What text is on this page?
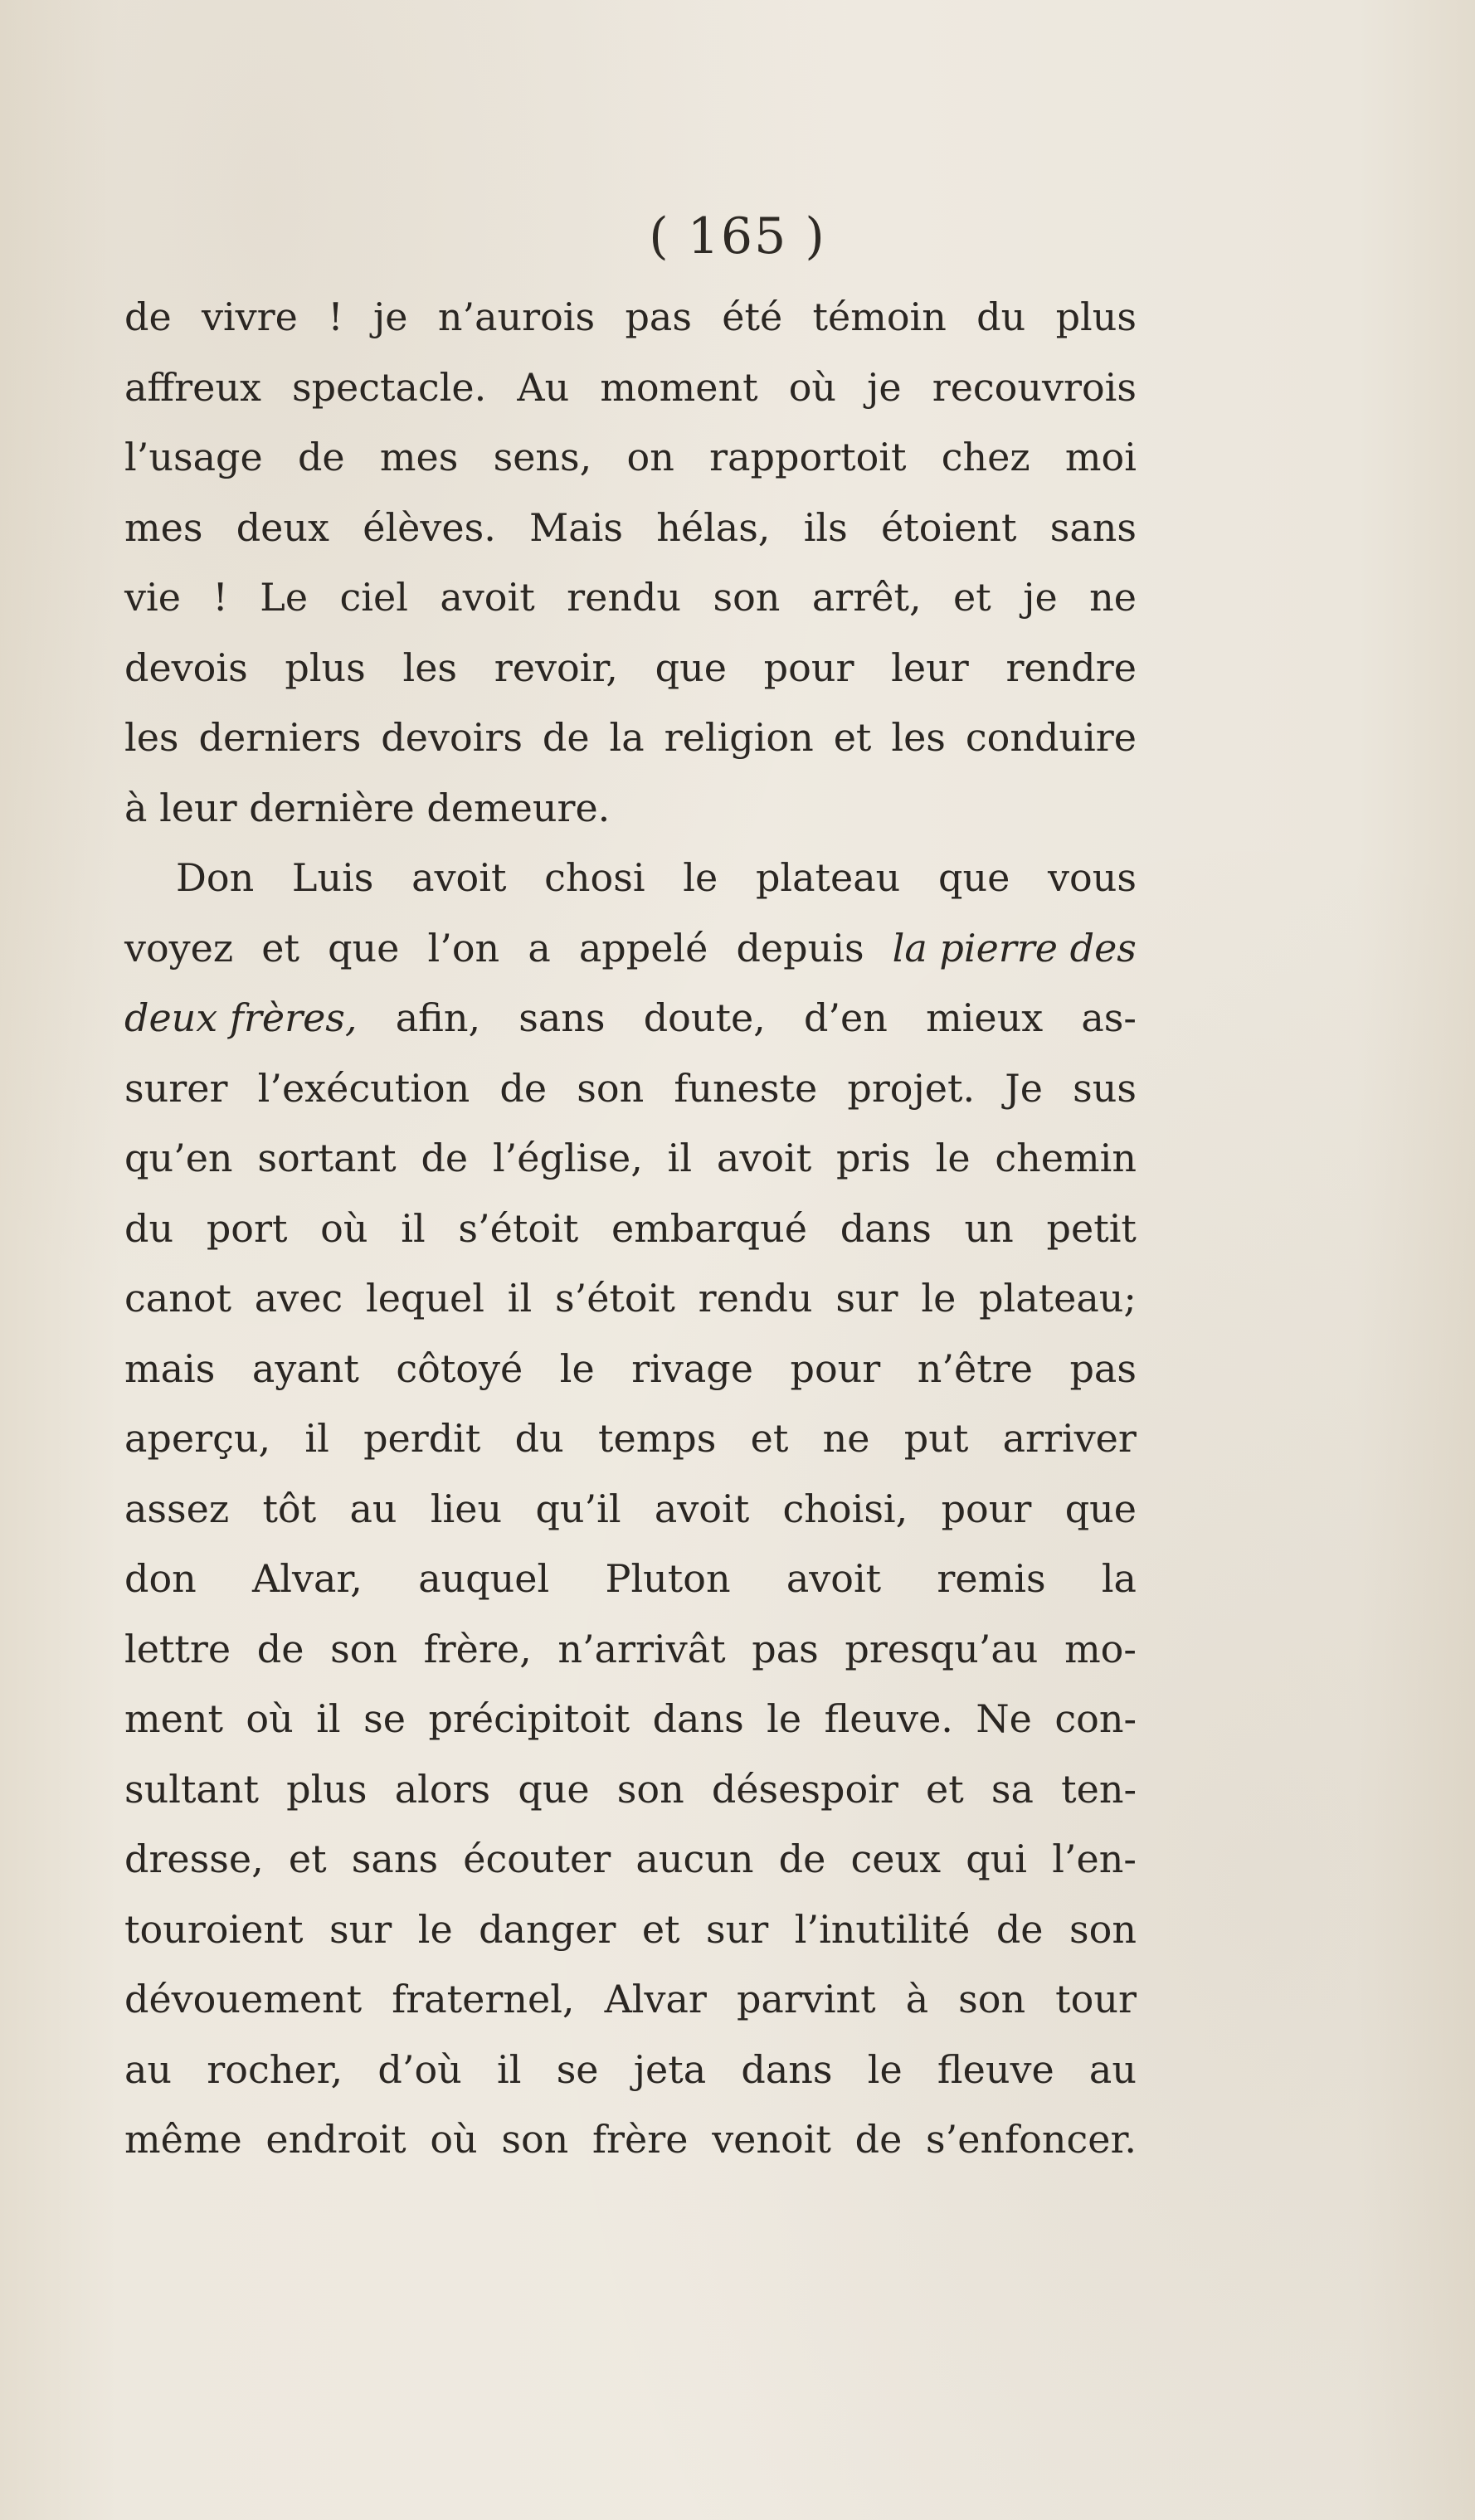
( 165 )
de vivre ! je n’aurois pas été témoin du plus
affreux spectacle. Au moment où je recouvrois
l’usage de mes sens, on rapportoit chez moi
mes deux élèves. Mais hélas, ils étoient sans
vie ! Le ciel avoit rendu son arrêt, et je ne
devois plus les revoir, que pour leur rendre
les derniers devoirs de la religion et les conduire
à
leur
dernière
demeure.
Don Luis avoit chosi le plateau que vous
voyez et que l’on a appelé depuis la pierre des
deux frères, afin, sans doute, d’en mieux as-
surer l’exécution de son funeste projet. Je sus
qu’en sortant de l’église, il avoit pris le chemin
du port où il s’étoit embarqué dans un petit
canot avec lequel il s’étoit rendu sur le plateau;
mais ayant côtoyé le rivage pour n’être pas
aperçu, il perdit du temps et ne put arriver
assez tôt au lieu qu’il avoit choisi, pour que
don Alvar, auquel Pluton avoit remis la
lettre de son frère, n’arrivât pas presqu’au mo-
ment où il se précipitoit dans le fleuve. Ne con-
sultant plus alors que son désespoir et sa ten-
dresse, et sans écouter aucun de ceux qui l’en-
touroient sur le danger et sur l’inutilité de son
dévouement fraternel, Alvar parvint à son tour
au rocher, d’où il se jeta dans le fleuve au
même endroit où son frère venoit de s’enfoncer.
